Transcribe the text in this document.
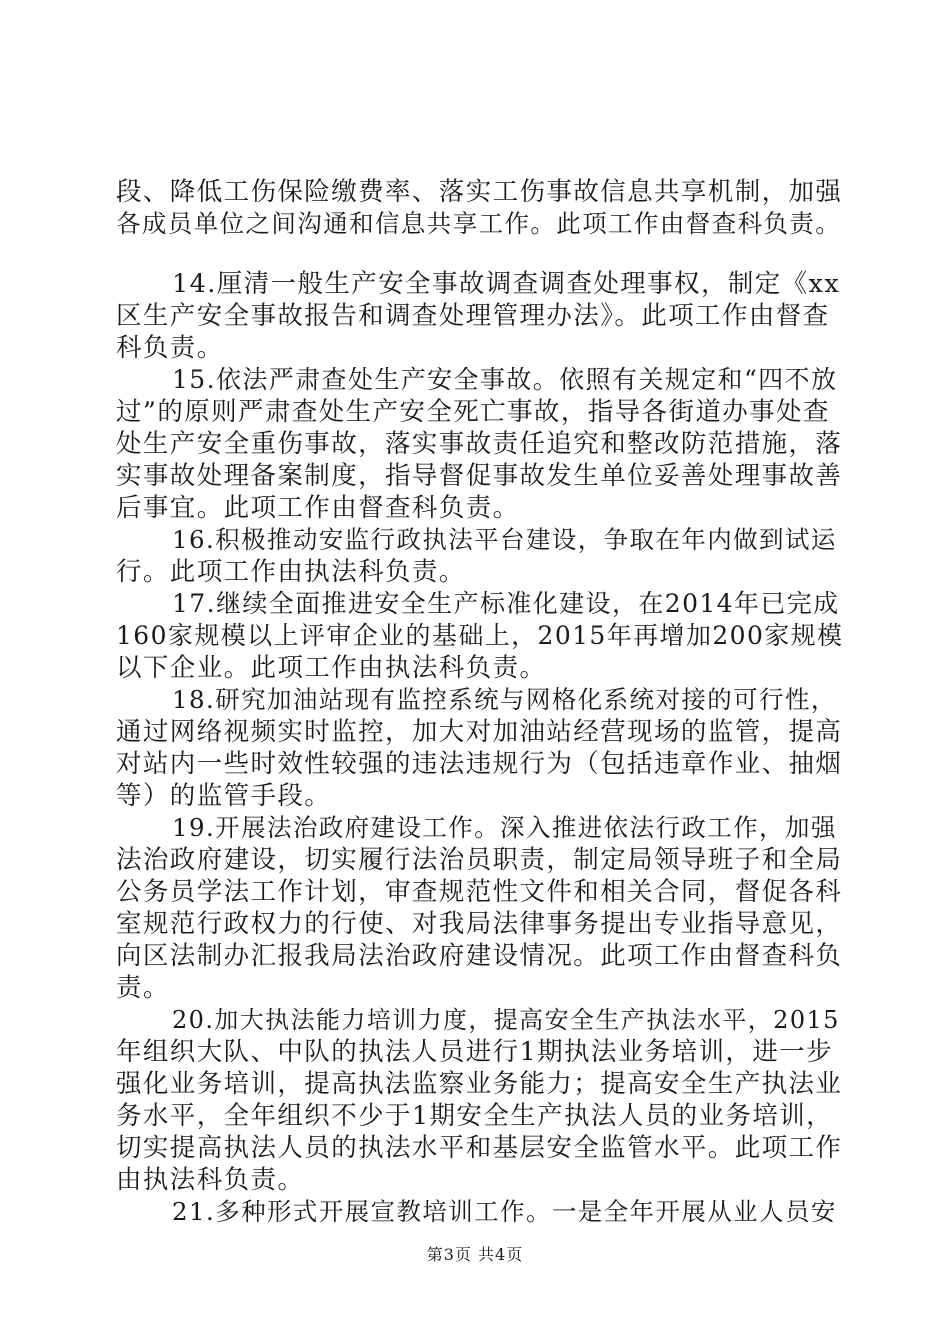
段、降低工伤保险缴费率、落实工伤事故信息共享机制，加强
各成员单位之间沟通和信息共享工作。此项工作由督查科负责。
14.厘清一般生产安全事故调查调查处理事权，制定《xx
区生产安全事故报告和调查处理管理办法》。此项工作由督查
科负责。
15.依法严肃查处生产安全事故。依照有关规定和“四不放
过”的原则严肃查处生产安全死亡事故，指导各街道办事处查
处生产安全重伤事故，落实事故责任追究和整改防范措施，落
实事故处理备案制度，指导督促事故发生单位妥善处理事故善
后事宜。此项工作由督查科负责。
16.积极推动安监行政执法平台建设，争取在年内做到试运
行。此项工作由执法科负责。
17.继续全面推进安全生产标准化建设，在2014年已完成
160家规模以上评审企业的基础上，2015年再增加200家规模
以下企业。此项工作由执法科负责。
18.研究加油站现有监控系统与网格化系统对接的可行性，
通过网络视频实时监控，加大对加油站经营现场的监管，提高
对站内一些时效性较强的违法违规行为（包括违章作业、抽烟
等）的监管手段。
19.开展法治政府建设工作。深入推进依法行政工作，加强
法治政府建设，切实履行法治员职责，制定局领导班子和全局
公务员学法工作计划，审查规范性文件和相关合同，督促各科
室规范行政权力的行使、对我局法律事务提出专业指导意见，
向区法制办汇报我局法治政府建设情况。此项工作由督查科负
责。
20.加大执法能力培训力度，提高安全生产执法水平，2015
年组织大队、中队的执法人员进行1期执法业务培训，进一步
强化业务培训，提高执法监察业务能力；提高安全生产执法业
务水平，全年组织不少于1期安全生产执法人员的业务培训，
切实提高执法人员的执法水平和基层安全监管水平。此项工作
由执法科负责。
21.多种形式开展宣教培训工作。一是全年开展从业人员安
第3页 共4页
